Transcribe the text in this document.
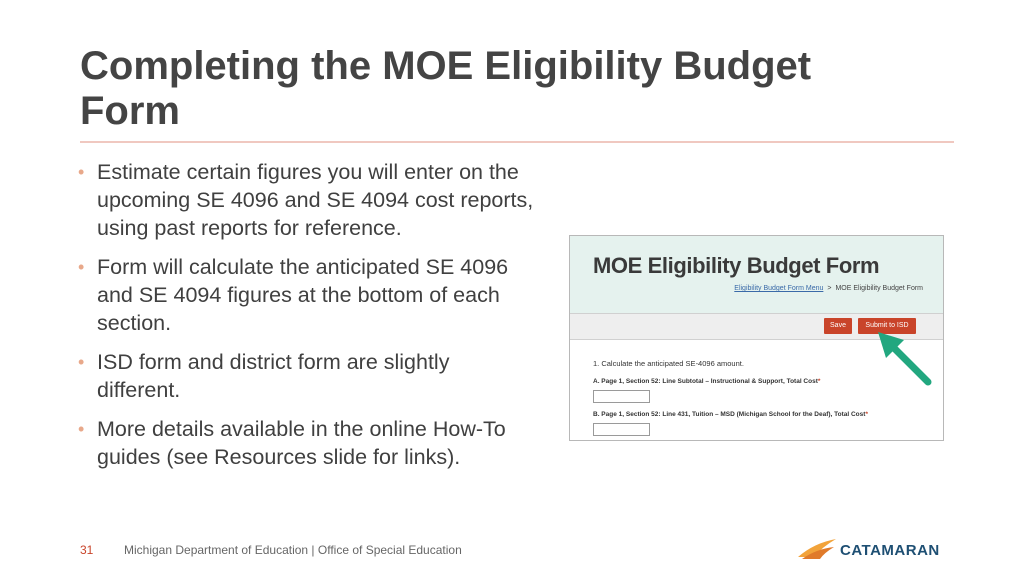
Completing the MOE Eligibility Budget Form
• Estimate certain figures you will enter on the upcoming SE 4096 and SE 4094 cost reports, using past reports for reference.
• Form will calculate the anticipated SE 4096 and SE 4094 figures at the bottom of each section.
• ISD form and district form are slightly different.
• More details available in the online How-To guides (see Resources slide for links).
MOE Eligibility Budget Form
Eligibility Budget Form Menu > MOE Eligibility Budget Form
Save	Submit to ISD
1. Calculate the anticipated SE-4096 amount.
A. Page 1, Section 52: Line Subtotal – Instructional & Support, Total Cost*
B. Page 1, Section 52: Line 431, Tuition – MSD (Michigan School for the Deaf), Total Cost*
31	Michigan Department of Education | Office of Special Education	CATAMARAN
